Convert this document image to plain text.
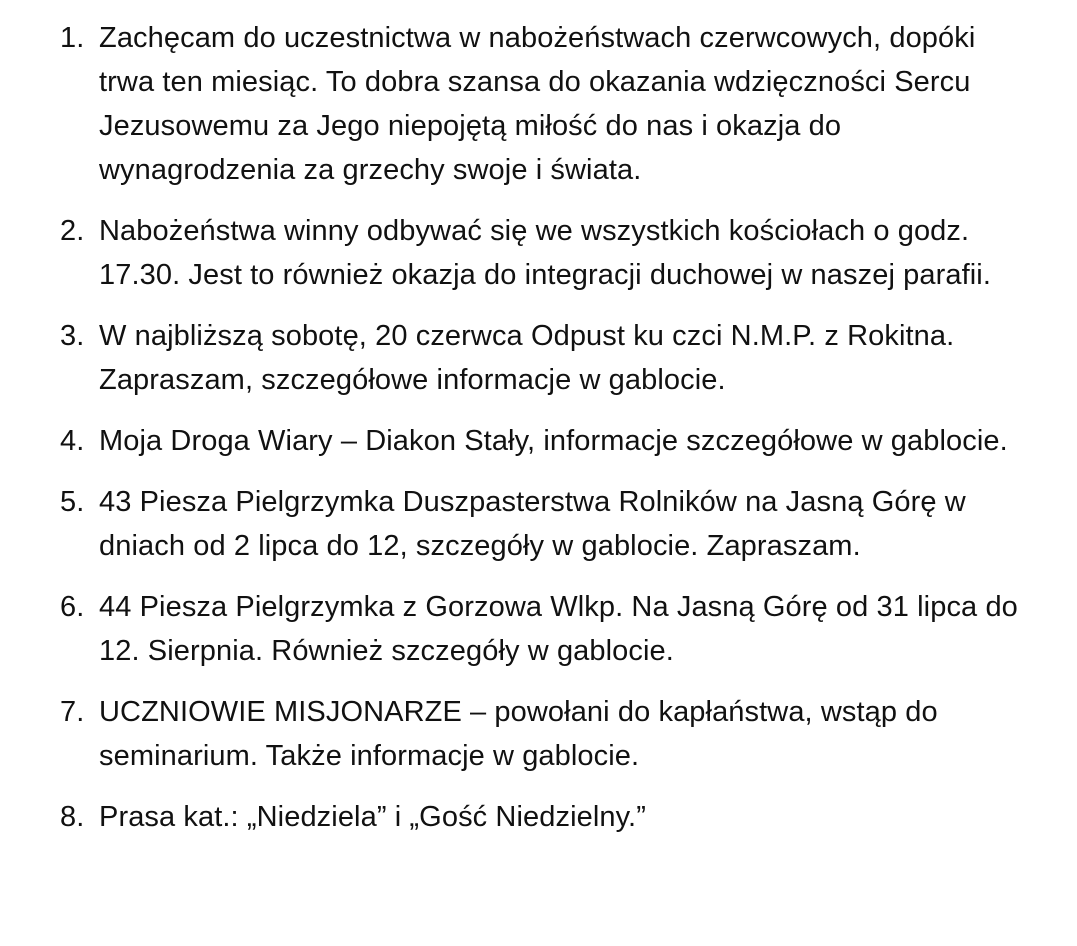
1. Zachęcam do uczestnictwa w nabożeństwach czerwcowych, dopóki trwa ten miesiąc. To dobra szansa do okazania wdzięczności Sercu Jezusowemu za Jego niepojętą miłość do nas i okazja do wynagrodzenia za grzechy swoje i świata.
2. Nabożeństwa winny odbywać się we wszystkich kościołach o godz. 17.30. Jest to również okazja do integracji duchowej w naszej parafii.
3. W najbliższą sobotę, 20 czerwca Odpust ku czci N.M.P. z Rokitna. Zapraszam, szczegółowe informacje w gablocie.
4. Moja Droga Wiary – Diakon Stały, informacje szczegółowe w gablocie.
5. 43 Piesza Pielgrzymka Duszpasterstwa Rolników na Jasną Górę w dniach od 2 lipca do 12, szczegóły w gablocie. Zapraszam.
6. 44 Piesza Pielgrzymka z Gorzowa Wlkp. Na Jasną Górę od 31 lipca do 12. Sierpnia. Również szczegóły w gablocie.
7. UCZNIOWIE MISJONARZE – powołani do kapłaństwa, wstąp do seminarium. Także informacje w gablocie.
8. Prasa kat.: „Niedziela” i „Gość Niedzielny.”
